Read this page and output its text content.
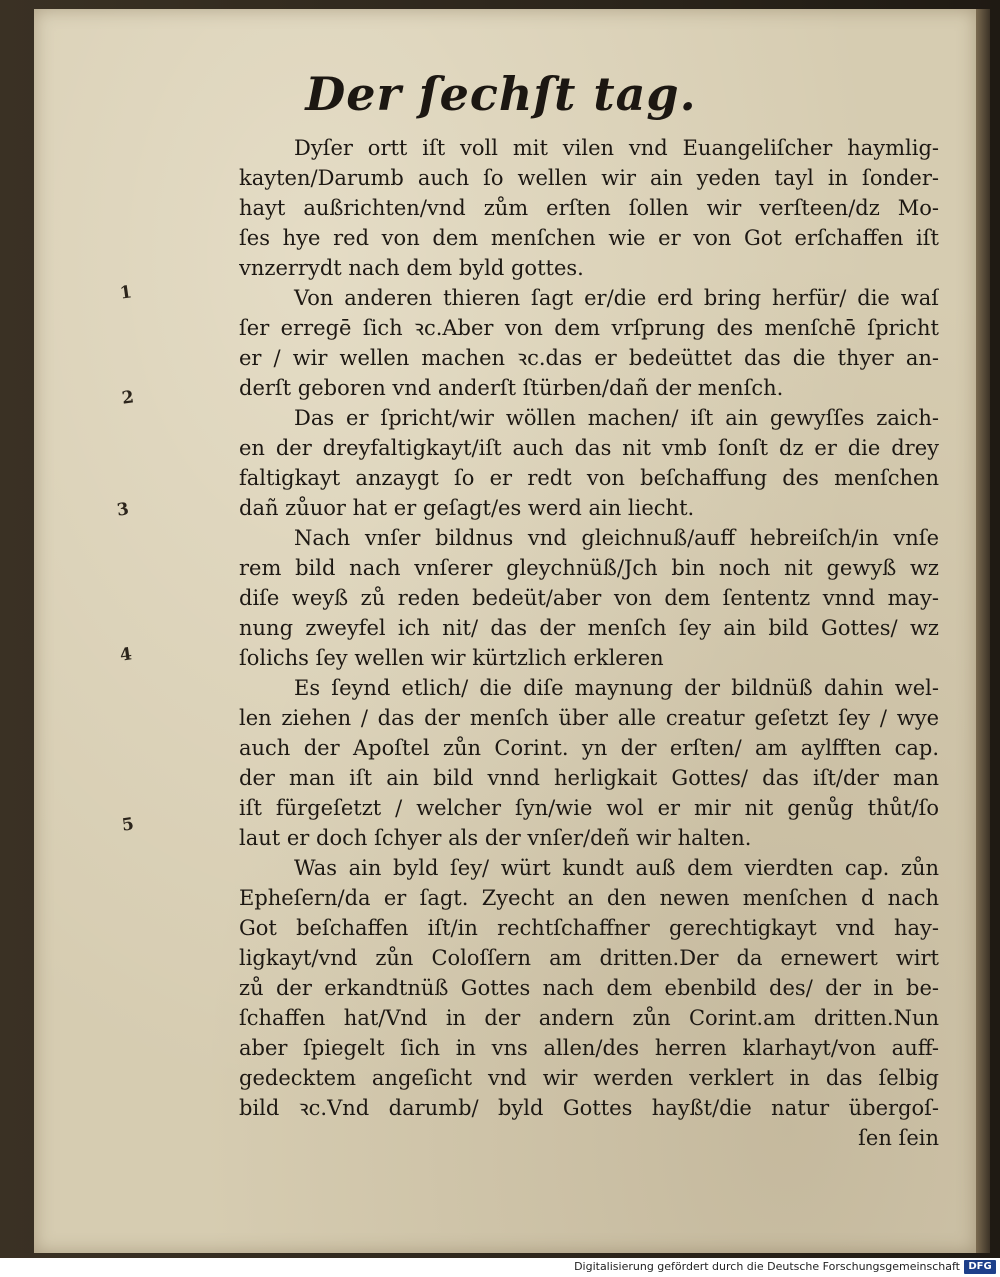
Der ſechſt tag.
Dyſer ortt iſt voll mit vilen vnd Euangeliſcher haymlig-
kayten/Darumb auch ſo wellen wir ain yeden tayl in ſonder-
hayt außrichten/vnd zům erſten ſollen wir verſteen/dz Mo-
ſes hye red von dem menſchen wie er von Got erſchaffen iſt
vnzerrydt nach dem byld gottes.
Von anderen thieren ſagt er/die erd bring herfür/ die waſ
ſer erregē ſich ꝛc.Aber von dem vrſprung des menſchē ſpricht
er / wir wellen machen ꝛc.das er bedeüttet das die thyer an-
derſt geboren vnd anderſt ſtürben/dañ der menſch.
Das er ſpricht/wir wöllen machen/ iſt ain gewyſſes zaich-
en der dreyfaltigkayt/iſt auch das nit vmb ſonſt dz er die drey
faltigkayt anzaygt ſo er redt von beſchaffung des menſchen
dañ zůuor hat er geſagt/es werd ain liecht.
Nach vnſer bildnus vnd gleichnuß/auff hebreiſch/in vnſe
rem bild nach vnſerer gleychnüß/Jch bin noch nit gewyß wz
diſe weyß zů reden bedeüt/aber von dem ſententz vnnd may-
nung zweyfel ich nit/ das der menſch ſey ain bild Gottes/ wz
ſolichs ſey wellen wir kürtzlich erkleren
Es ſeynd etlich/ die diſe maynung der bildnüß dahin wel-
len ziehen / das der menſch über alle creatur geſetzt ſey / wye
auch der Apoſtel zůn Corint. yn der erſten/ am aylfften cap.
der man iſt ain bild vnnd herligkait Gottes/ das iſt/der man
iſt fürgeſetzt / welcher ſyn/wie wol er mir nit genůg thůt/ſo
laut er doch ſchyer als der vnſer/deñ wir halten.
Was ain byld ſey/ würt kundt auß dem vierdten cap. zůn
Epheſern/da er ſagt. Zyecht an den newen menſchen d nach
Got beſchaffen iſt/in rechtſchaffner gerechtigkayt vnd hay-
ligkayt/vnd zůn Coloſſern am dritten.Der da ernewert wirt
zů der erkandtnüß Gottes nach dem ebenbild des/ der in be-
ſchaffen hat/Vnd in der andern zůn Corint.am dritten.Nun
aber ſpiegelt ſich in vns allen/des herren klarhayt/von auff-
gedecktem angeſicht vnd wir werden verklert in das ſelbig
bild ꝛc.Vnd darumb/ byld Gottes hayßt/die natur übergoſ-
ſen ſein
1
2
3
4
5
Digitalisierung gefördert durch die Deutsche Forschungsgemeinschaft DFG
